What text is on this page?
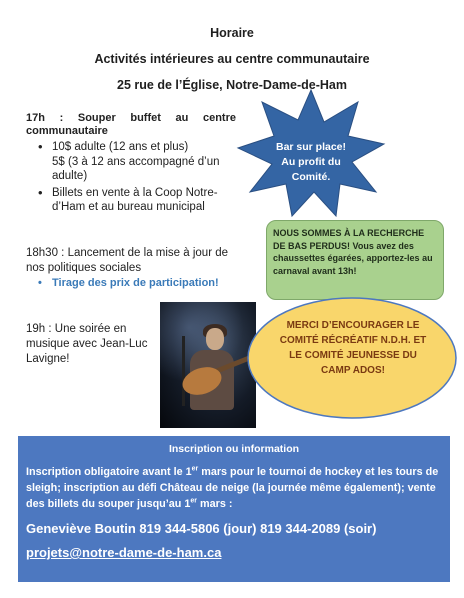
Horaire
Activités intérieures au centre communautaire
25 rue de l’Église, Notre-Dame-de-Ham
17h : Souper buffet au centre
communautaire
• 10$ adulte (12 ans et plus)
5$ (3 à 12 ans accompagné d’un adulte)
• Billets en vente à la Coop Notre-d’Ham et au bureau municipal
18h30 : Lancement de la mise à jour de nos politiques sociales
• Tirage des prix de participation!
19h : Une soirée en musique avec Jean-Luc Lavigne!
Bar sur place!
Au profit du
Comité.
NOUS SOMMES À LA RECHERCHE DE BAS PERDUS! Vous avez des chaussettes égarées, apportez-les au carnaval avant 13h!
MERCI D’ENCOURAGER LE COMITÉ RÉCRÉATIF N.D.H. ET LE COMITÉ JEUNESSE DU CAMP ADOS!
Inscription ou information
Inscription obligatoire avant le 1er mars pour le tournoi de hockey et les tours de sleigh; inscription au défi Château de neige (la journée même également); vente des billets du souper jusqu’au 1er mars :
Geneviève Boutin 819 344-5806 (jour) 819 344-2089 (soir)
projets@notre-dame-de-ham.ca
